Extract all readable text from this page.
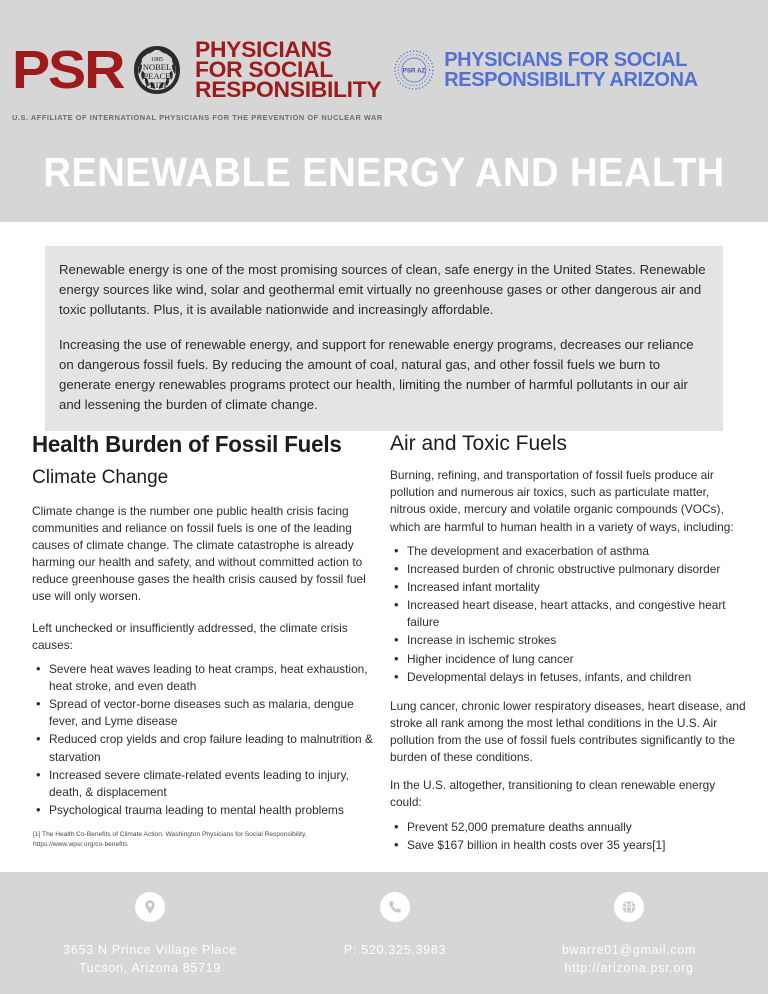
PSR	1985
NOBEL
PEACE
PRIZE
PHYSICIANS
FOR SOCIAL
RESPONSIBILITY
PSR AZ PHYSICIANS FOR SOCIAL
RESPONSIBILITY ARIZONA
U.S. AFFILIATE OF INTERNATIONAL PHYSICIANS FOR THE PREVENTION OF NUCLEAR WAR
RENEWABLE ENERGY AND HEALTH

Renewable energy is one of the most promising sources of clean, safe energy in the United States. Renewable energy sources like wind, solar and geothermal emit virtually no greenhouse gases or other dangerous air and toxic pollutants. Plus, it is available nationwide and increasingly affordable.

Increasing the use of renewable energy, and support for renewable energy programs, decreases our reliance on dangerous fossil fuels. By reducing the amount of coal, natural gas, and other fossil fuels we burn to generate energy renewables programs protect our health, limiting the number of harmful pollutants in our air and lessening the burden of climate change.

Health Burden of Fossil Fuels
Climate Change

Climate change is the number one public health crisis facing communities and reliance on fossil fuels is one of the leading causes of climate change. The climate catastrophe is already harming our health and safety, and without committed action to reduce greenhouse gases the health crisis caused by fossil fuel use will only worsen.

Left unchecked or insufficiently addressed, the climate crisis causes:

• Severe heat waves leading to heat cramps, heat exhaustion, heat stroke, and even death
• Spread of vector-borne diseases such as malaria, dengue fever, and Lyme disease
• Reduced crop yields and crop failure leading to malnutrition & starvation
• Increased severe climate-related events leading to injury, death, & displacement
• Psychological trauma leading to mental health problems
Air and Toxic Fuels

Burning, refining, and transportation of fossil fuels produce air pollution and numerous air toxics, such as particulate matter, nitrous oxide, mercury and volatile organic compounds (VOCs), which are harmful to human health in a variety of ways, including:

• The development and exacerbation of asthma
• Increased burden of chronic obstructive pulmonary disorder
• Increased infant mortality
• Increased heart disease, heart attacks, and congestive heart failure
• Increase in ischemic strokes
• Higher incidence of lung cancer
• Developmental delays in fetuses, infants, and children

Lung cancer, chronic lower respiratory diseases, heart disease, and stroke all rank among the most lethal conditions in the U.S. Air pollution from the use of fossil fuels contributes significantly to the burden of these conditions.

In the U.S. altogether, transitioning to clean renewable energy could:

• Prevent 52,000 premature deaths annually
• Save $167 billion in health costs over 35 years[1]
[1] The Health Co-Benefits of Climate Action, Washington Physicians for Social Responsibility, https://www.wpsr.org/co-benefits
3653 N Prince Village Place
Tucson, Arizona 85719
P: 520.325.3983	bwarre01@gmail.com
http://arizona.psr.org
